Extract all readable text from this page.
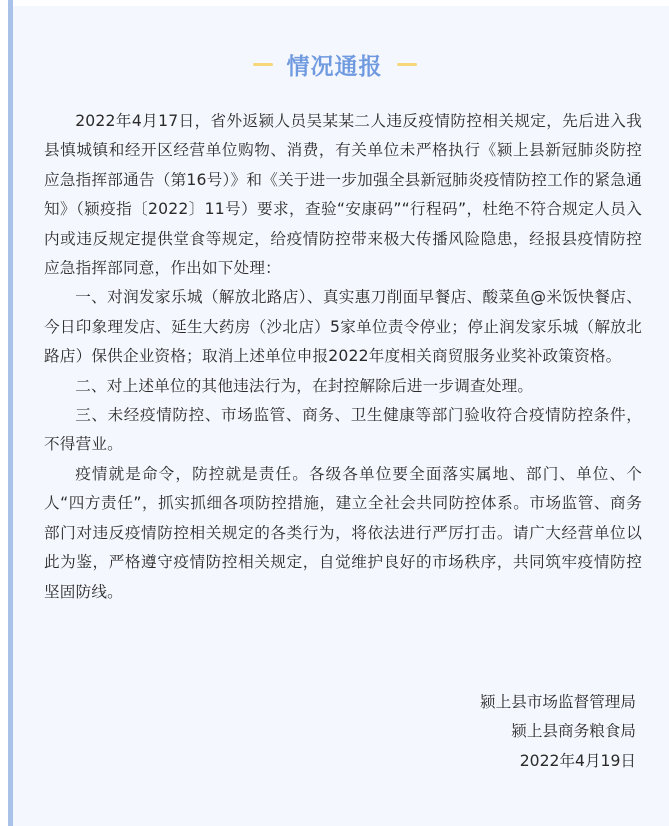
情况通报

2022年4月17日，省外返颍人员吴某某二人违反疫情防控相关规定，先后进入我县慎城镇和经开区经营单位购物、消费，有关单位未严格执行《颍上县新冠肺炎防控应急指挥部通告（第16号）》和《关于进一步加强全县新冠肺炎疫情防控工作的紧急通知》（颍疫指〔2022〕11号）要求，查验“安康码”“行程码”，杜绝不符合规定人员入内或违反规定提供堂食等规定，给疫情防控带来极大传播风险隐患，经报县疫情防控应急指挥部同意，作出如下处理：

一、对润发家乐城（解放北路店）、真实惠刀削面早餐店、酸菜鱼@米饭快餐店、今日印象理发店、延生大药房（沙北店）5家单位责令停业；停止润发家乐城（解放北路店）保供企业资格；取消上述单位申报2022年度相关商贸服务业奖补政策资格。

二、对上述单位的其他违法行为，在封控解除后进一步调查处理。

三、未经疫情防控、市场监管、商务、卫生健康等部门验收符合疫情防控条件，不得营业。

疫情就是命令，防控就是责任。各级各单位要全面落实属地、部门、单位、个人“四方责任”，抓实抓细各项防控措施，建立全社会共同防控体系。市场监管、商务部门对违反疫情防控相关规定的各类行为，将依法进行严厉打击。请广大经营单位以此为鉴，严格遵守疫情防控相关规定，自觉维护良好的市场秩序，共同筑牢疫情防控坚固防线。

颍上县市场监督管理局
颍上县商务粮食局
2022年4月19日
